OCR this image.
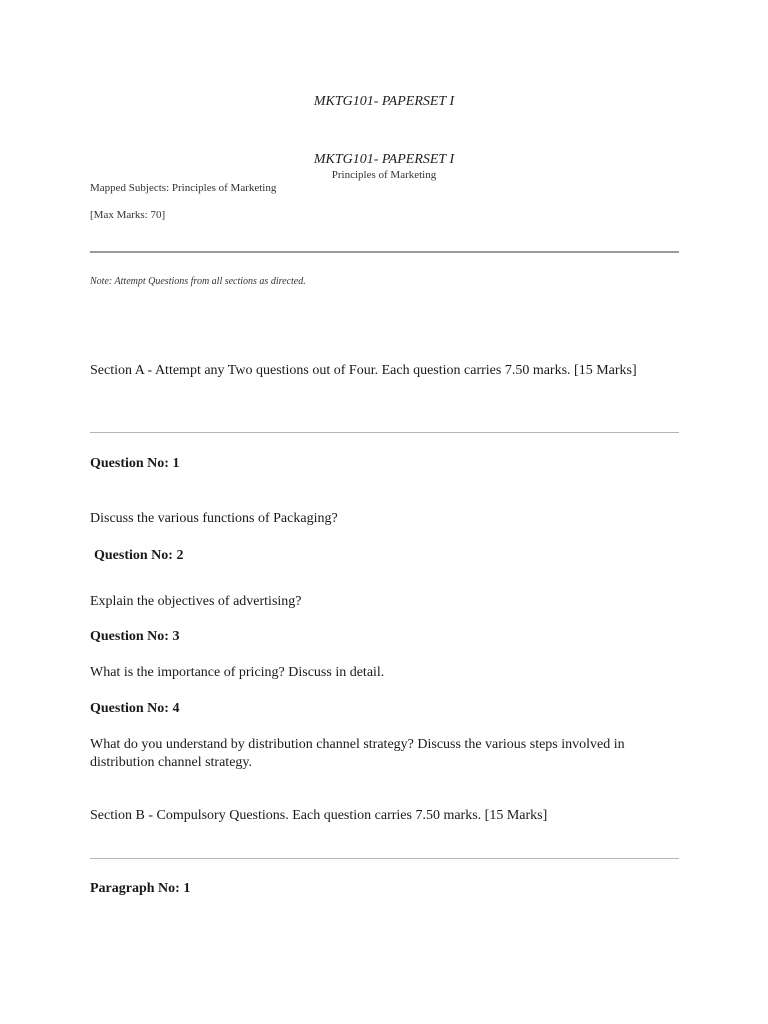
MKTG101- PAPERSET I
MKTG101- PAPERSET I
Principles of Marketing
Mapped Subjects: Principles of Marketing
[Max Marks: 70]
Note: Attempt Questions from all sections as directed.
Section A - Attempt any Two questions out of Four. Each question carries 7.50 marks. [15 Marks]
Question No: 1
Discuss the various functions of Packaging?
Question No: 2
Explain the objectives of advertising?
Question No: 3
What is the importance of pricing? Discuss in detail.
Question No: 4
What do you understand by distribution channel strategy? Discuss the various steps involved in distribution channel strategy.
Section B - Compulsory Questions. Each question carries 7.50 marks. [15 Marks]
Paragraph No: 1
